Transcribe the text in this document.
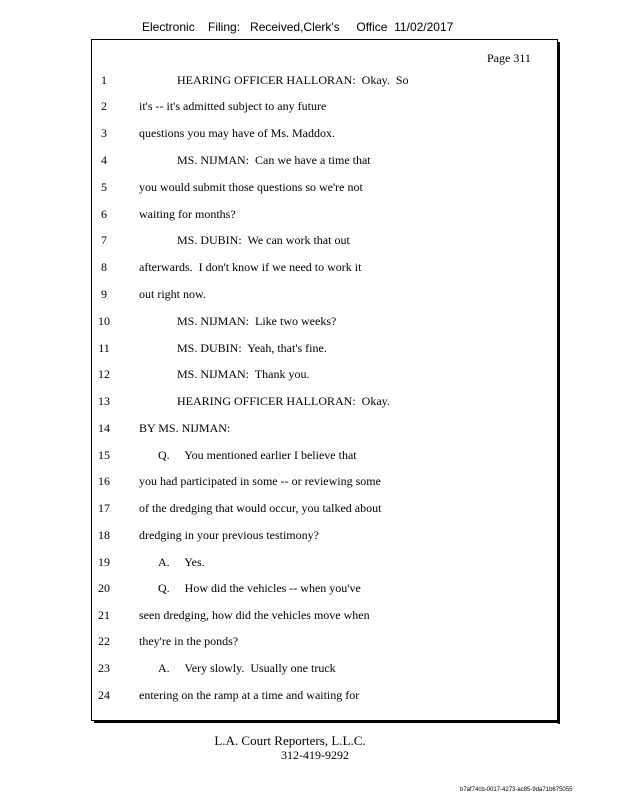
Electronic    Filing:   Received,Clerk's     Office  11/02/2017
Page 311
1	HEARING OFFICER HALLORAN:  Okay.  So
2	it's -- it's admitted subject to any future
3	questions you may have of Ms. Maddox.
4	MS. NIJMAN:  Can we have a time that
5	you would submit those questions so we're not
6	waiting for months?
7	MS. DUBIN:  We can work that out
8	afterwards.  I don't know if we need to work it
9	out right now.
10	MS. NIJMAN:  Like two weeks?
11	MS. DUBIN:  Yeah, that's fine.
12	MS. NIJMAN:  Thank you.
13	HEARING OFFICER HALLORAN:  Okay.
14	BY MS. NIJMAN:
15	Q.     You mentioned earlier I believe that
16	you had participated in some -- or reviewing some
17	of the dredging that would occur, you talked about
18	dredging in your previous testimony?
19	A.     Yes.
20	Q.     How did the vehicles -- when you've
21	seen dredging, how did the vehicles move when
22	they're in the ponds?
23	A.     Very slowly.  Usually one truck
24	entering on the ramp at a time and waiting for
L.A. Court Reporters, L.L.C.
312-419-9292
b7af74cb-0017-4273-ac85-9da71b675055
